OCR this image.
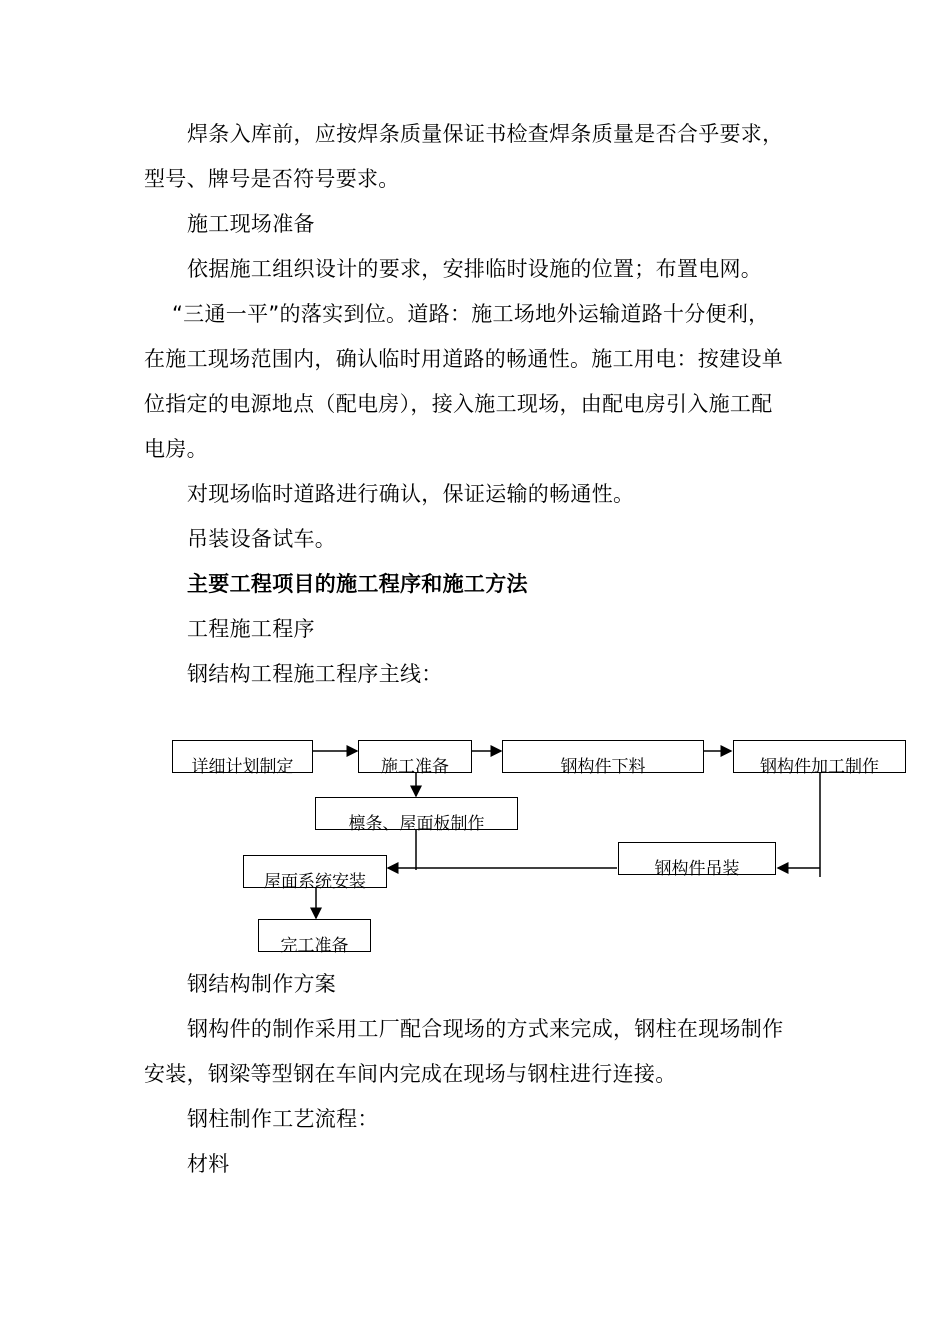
焊条入库前，应按焊条质量保证书检查焊条质量是否合乎要求，
型号、牌号是否符号要求。
施工现场准备
依据施工组织设计的要求，安排临时设施的位置；布置电网。
“三通一平”的落实到位。道路：施工场地外运输道路十分便利，
在施工现场范围内，确认临时用道路的畅通性。施工用电：按建设单
位指定的电源地点（配电房），接入施工现场，由配电房引入施工配
电房。
对现场临时道路进行确认，保证运输的畅通性。
吊装设备试车。
主要工程项目的施工程序和施工方法
工程施工程序
钢结构工程施工程序主线：
详细计划制定	施工准备	钢构件下料	钢构件加工制作
檩条、屋面板制作
钢构件吊装
屋面系统安装
完工准备
钢结构制作方案
钢构件的制作采用工厂配合现场的方式来完成，钢柱在现场制作
安装，钢梁等型钢在车间内完成在现场与钢柱进行连接。
钢柱制作工艺流程：
材料
